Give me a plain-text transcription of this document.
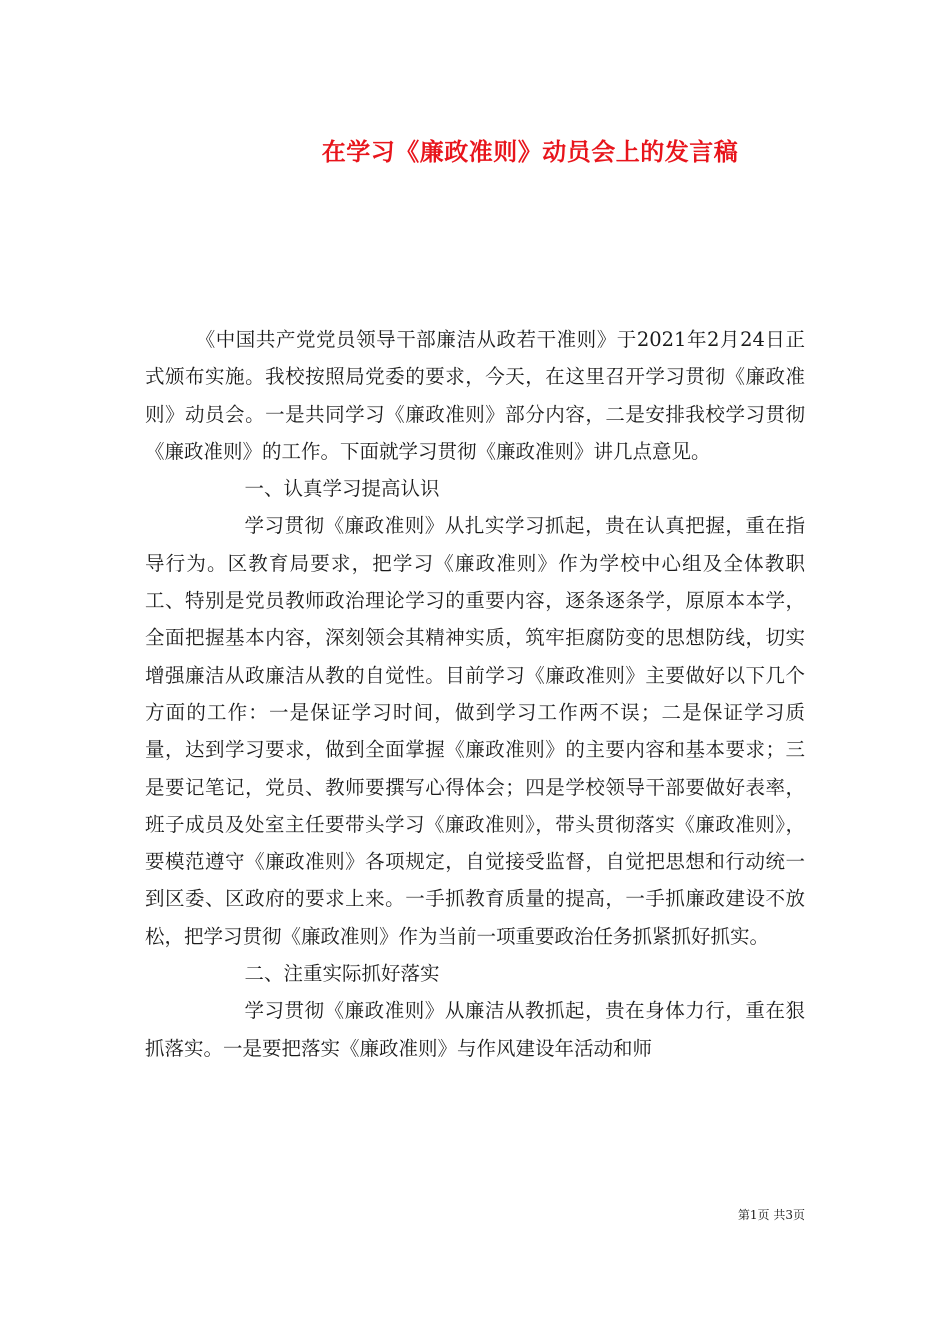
在学习《廉政准则》动员会上的发言稿

《中国共产党党员领导干部廉洁从政若干准则》于2021年2月24日正式颁布实施。我校按照局党委的要求，今天，在这里召开学习贯彻《廉政准则》动员会。一是共同学习《廉政准则》部分内容，二是安排我校学习贯彻《廉政准则》的工作。下面就学习贯彻《廉政准则》讲几点意见。

一、认真学习提高认识

学习贯彻《廉政准则》从扎实学习抓起，贵在认真把握，重在指导行为。区教育局要求，把学习《廉政准则》作为学校中心组及全体教职工、特别是党员教师政治理论学习的重要内容，逐条逐条学，原原本本学，全面把握基本内容，深刻领会其精神实质，筑牢拒腐防变的思想防线，切实增强廉洁从政廉洁从教的自觉性。目前学习《廉政准则》主要做好以下几个方面的工作：一是保证学习时间，做到学习工作两不误；二是保证学习质量，达到学习要求，做到全面掌握《廉政准则》的主要内容和基本要求；三是要记笔记，党员、教师要撰写心得体会；四是学校领导干部要做好表率，班子成员及处室主任要带头学习《廉政准则》，带头贯彻落实《廉政准则》，要模范遵守《廉政准则》各项规定，自觉接受监督，自觉把思想和行动统一到区委、区政府的要求上来。一手抓教育质量的提高，一手抓廉政建设不放松，把学习贯彻《廉政准则》作为当前一项重要政治任务抓紧抓好抓实。

二、注重实际抓好落实

学习贯彻《廉政准则》从廉洁从教抓起，贵在身体力行，重在狠抓落实。一是要把落实《廉政准则》与作风建设年活动和师

第1页 共3页
